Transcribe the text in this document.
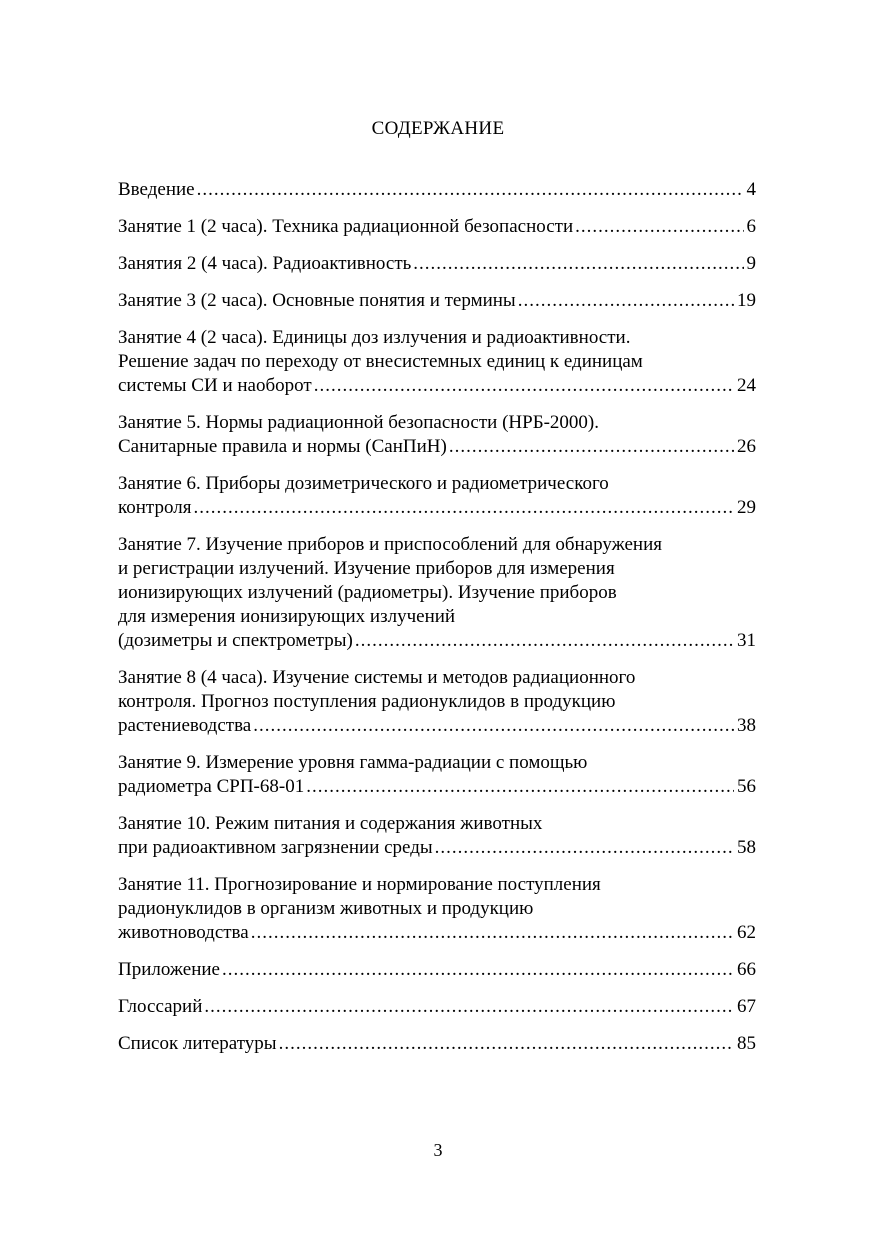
СОДЕРЖАНИЕ
Введение .....	4
Занятие 1 (2 часа). Техника радиационной безопасности .....	6
Занятия 2 (4 часа). Радиоактивность .....	9
Занятие 3 (2 часа). Основные понятия и термины .....	19
Занятие 4 (2 часа). Единицы доз излучения и радиоактивности.
Решение задач по переходу от внесистемных единиц к единицам
системы СИ и наоборот .....	24
Занятие 5. Нормы радиационной безопасности (НРБ-2000).
Санитарные правила и нормы (СанПиН) .....	26
Занятие 6. Приборы дозиметрического и радиометрического
контроля .....	29
Занятие 7. Изучение приборов и приспособлений для обнаружения
и регистрации излучений. Изучение приборов для измерения
ионизирующих излучений (радиометры). Изучение приборов
для измерения ионизирующих излучений
(дозиметры и спектрометры) .....	31
Занятие 8 (4 часа). Изучение системы и методов радиационного
контроля. Прогноз поступления радионуклидов в продукцию
растениеводства .....	38
Занятие 9. Измерение уровня гамма-радиации с помощью
радиометра СРП-68-01 .....	56
Занятие 10. Режим питания и содержания животных
при радиоактивном загрязнении среды .....	58
Занятие 11. Прогнозирование и нормирование поступления
радионуклидов в организм животных и продукцию
животноводства .....	62
Приложение .....	66
Глоссарий .....	67
Список литературы .....	85
3
